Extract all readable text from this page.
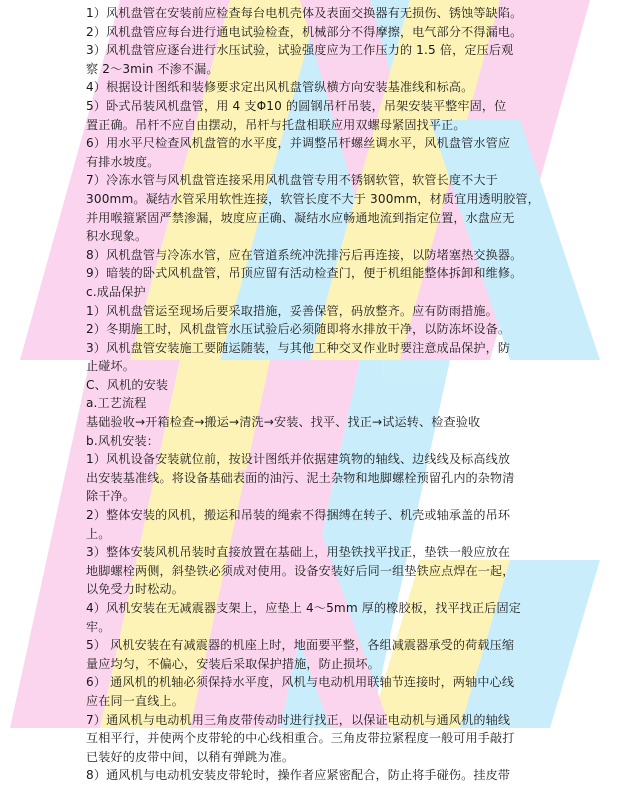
1）风机盘管在安装前应检查每台电机壳体及表面交换器有无损伤、锈蚀等缺陷。
2）风机盘管应每台进行通电试验检查，机械部分不得摩擦，电气部分不得漏电。
3）风机盘管应逐台进行水压试验，试验强度应为工作压力的 1.5 倍，定压后观
察 2～3min 不渗不漏。
4）根据设计图纸和装修要求定出风机盘管纵横方向安装基准线和标高。
5）卧式吊装风机盘管，用 4 支Φ10 的圆钢吊杆吊装，吊架安装平整牢固，位
置正确。吊杆不应自由摆动，吊杆与托盘相联应用双螺母紧固找平正。
6）用水平尺检查风机盘管的水平度，并调整吊杆螺丝调水平，风机盘管水管应
有排水坡度。
7）冷冻水管与风机盘管连接采用风机盘管专用不锈钢软管，软管长度不大于
300mm。凝结水管采用软性连接，软管长度不大于 300mm，材质宜用透明胶管，
并用喉箍紧固严禁渗漏，坡度应正确、凝结水应畅通地流到指定位置，水盘应无
积水现象。
8）风机盘管与冷冻水管，应在管道系统冲洗排污后再连接，以防堵塞热交换器。
9）暗装的卧式风机盘管，吊顶应留有活动检查门，便于机组能整体拆卸和维修。
c.成品保护
1）风机盘管运至现场后要采取措施，妥善保管，码放整齐。应有防雨措施。
2）冬期施工时，风机盘管水压试验后必须随即将水排放干净，以防冻坏设备。
3）风机盘管安装施工要随运随装，与其他工种交叉作业时要注意成品保护，防
止碰坏。
C、风机的安装
a.工艺流程
基础验收→开箱检查→搬运→清洗→安装、找平、找正→试运转、检查验收
b.风机安装：
1）风机设备安装就位前，按设计图纸并依据建筑物的轴线、边线线及标高线放
出安装基准线。将设备基础表面的油污、泥土杂物和地脚螺栓预留孔内的杂物清
除干净。
2）整体安装的风机，搬运和吊装的绳索不得捆缚在转子、机壳或轴承盖的吊环
上。
3）整体安装风机吊装时直接放置在基础上，用垫铁找平找正，垫铁一般应放在
地脚螺栓两侧，斜垫铁必须成对使用。设备安装好后同一组垫铁应点焊在一起，
以免受力时松动。
4）风机安装在无减震器支架上，应垫上 4～5mm 厚的橡胶板，找平找正后固定
牢。
5） 风机安装在有减震器的机座上时，地面要平整，各组减震器承受的荷载压缩
量应均匀，不偏心，安装后采取保护措施，防止损坏。
6） 通风机的机轴必须保持水平度，风机与电动机用联轴节连接时，两轴中心线
应在同一直线上。
7）通风机与电动机用三角皮带传动时进行找正，以保证电动机与通风机的轴线
互相平行，并使两个皮带轮的中心线相重合。三角皮带拉紧程度一般可用手敲打
已装好的皮带中间，以稍有弹跳为准。
8）通风机与电动机安装皮带轮时，操作者应紧密配合，防止将手碰伤。挂皮带
